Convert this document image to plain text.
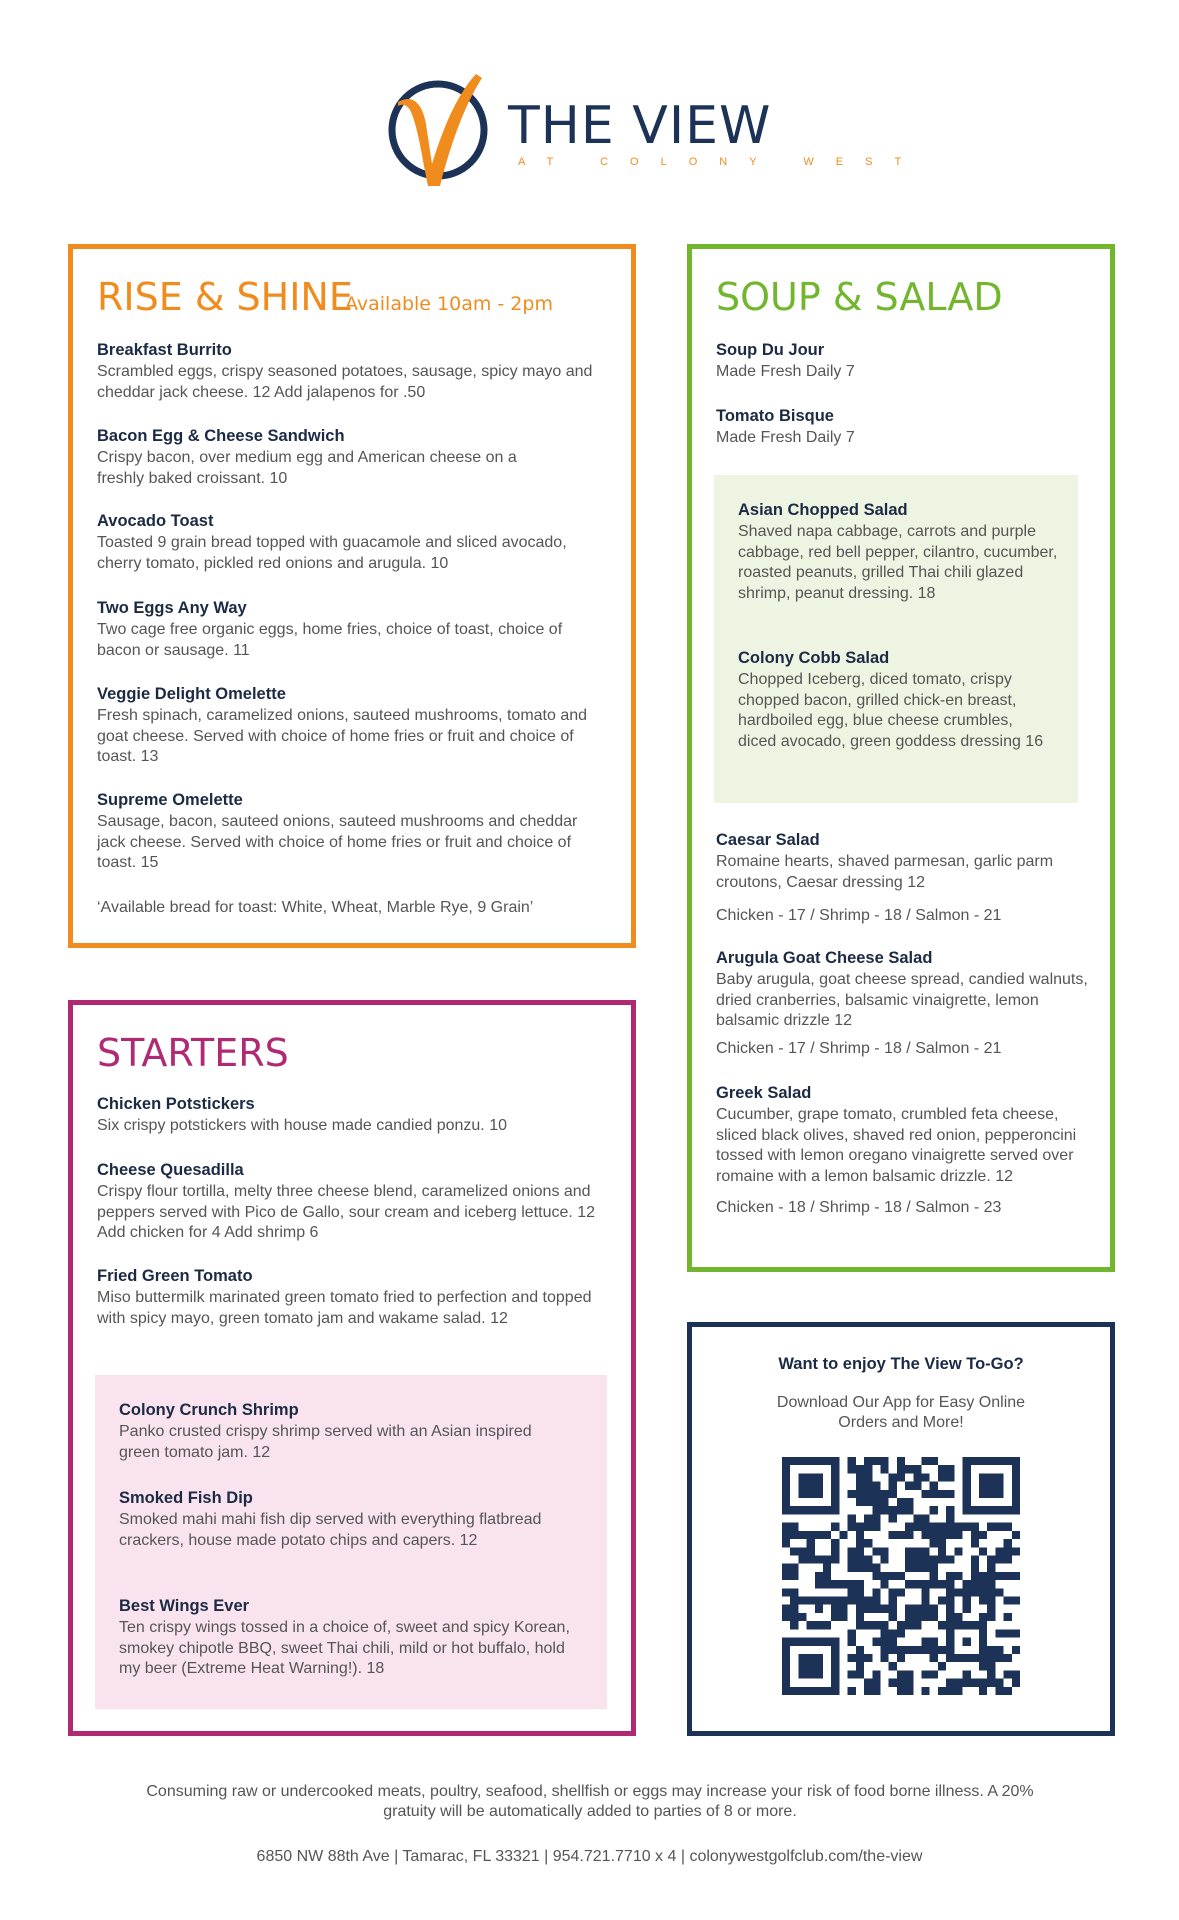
THE VIEW
AT COLONY WEST
RISE & SHINE
Available 10am - 2pm
Breakfast Burrito
Scrambled eggs, crispy seasoned potatoes, sausage, spicy mayo and cheddar jack cheese. 12 Add jalapenos for .50
Bacon Egg & Cheese Sandwich
Crispy bacon, over medium egg and American cheese on a freshly baked croissant. 10
Avocado Toast
Toasted 9 grain bread topped with guacamole and sliced avocado, cherry tomato, pickled red onions and arugula. 10
Two Eggs Any Way
Two cage free organic eggs, home fries, choice of toast, choice of bacon or sausage. 11
Veggie Delight Omelette
Fresh spinach, caramelized onions, sauteed mushrooms, tomato and goat cheese. Served with choice of home fries or fruit and choice of toast. 13
Supreme Omelette
Sausage, bacon, sauteed onions, sauteed mushrooms and cheddar jack cheese. Served with choice of home fries or fruit and choice of toast. 15
‘Available bread for toast: White, Wheat, Marble Rye, 9 Grain’
SOUP & SALAD
Soup Du Jour
Made Fresh Daily 7
Tomato Bisque
Made Fresh Daily 7
Asian Chopped Salad
Shaved napa cabbage, carrots and purple cabbage, red bell pepper, cilantro, cucumber, roasted peanuts, grilled Thai chili glazed shrimp, peanut dressing. 18
Colony Cobb Salad
Chopped Iceberg, diced tomato, crispy chopped bacon, grilled chick-en breast, hardboiled egg, blue cheese crumbles, diced avocado, green goddess dressing 16
Caesar Salad
Romaine hearts, shaved parmesan, garlic parm croutons, Caesar dressing 12
Chicken - 17 / Shrimp - 18 / Salmon - 21
Arugula Goat Cheese Salad
Baby arugula, goat cheese spread, candied walnuts, dried cranberries, balsamic vinaigrette, lemon balsamic drizzle 12
Chicken - 17 / Shrimp - 18 / Salmon - 21
Greek Salad
Cucumber, grape tomato, crumbled feta cheese, sliced black olives, shaved red onion, pepperoncini tossed with lemon oregano vinaigrette served over romaine with a lemon balsamic drizzle. 12
Chicken - 18 / Shrimp - 18 / Salmon - 23
STARTERS
Chicken Potstickers
Six crispy potstickers with house made candied ponzu. 10
Cheese Quesadilla
Crispy flour tortilla, melty three cheese blend, caramelized onions and peppers served with Pico de Gallo, sour cream and iceberg lettuce. 12 Add chicken for 4 Add shrimp 6
Fried Green Tomato
Miso buttermilk marinated green tomato fried to perfection and topped with spicy mayo, green tomato jam and wakame salad. 12
Colony Crunch Shrimp
Panko crusted crispy shrimp served with an Asian inspired green tomato jam. 12
Smoked Fish Dip
Smoked mahi mahi fish dip served with everything flatbread crackers, house made potato chips and capers. 12
Best Wings Ever
Ten crispy wings tossed in a choice of, sweet and spicy Korean, smokey chipotle BBQ, sweet Thai chili, mild or hot buffalo, hold my beer (Extreme Heat Warning!). 18
Want to enjoy The View To-Go?
Download Our App for Easy Online Orders and More!
Consuming raw or undercooked meats, poultry, seafood, shellfish or eggs may increase your risk of food borne illness. A 20% gratuity will be automatically added to parties of 8 or more.
6850 NW 88th Ave | Tamarac, FL 33321 | 954.721.7710 x 4 | colonywestgolfclub.com/the-view
